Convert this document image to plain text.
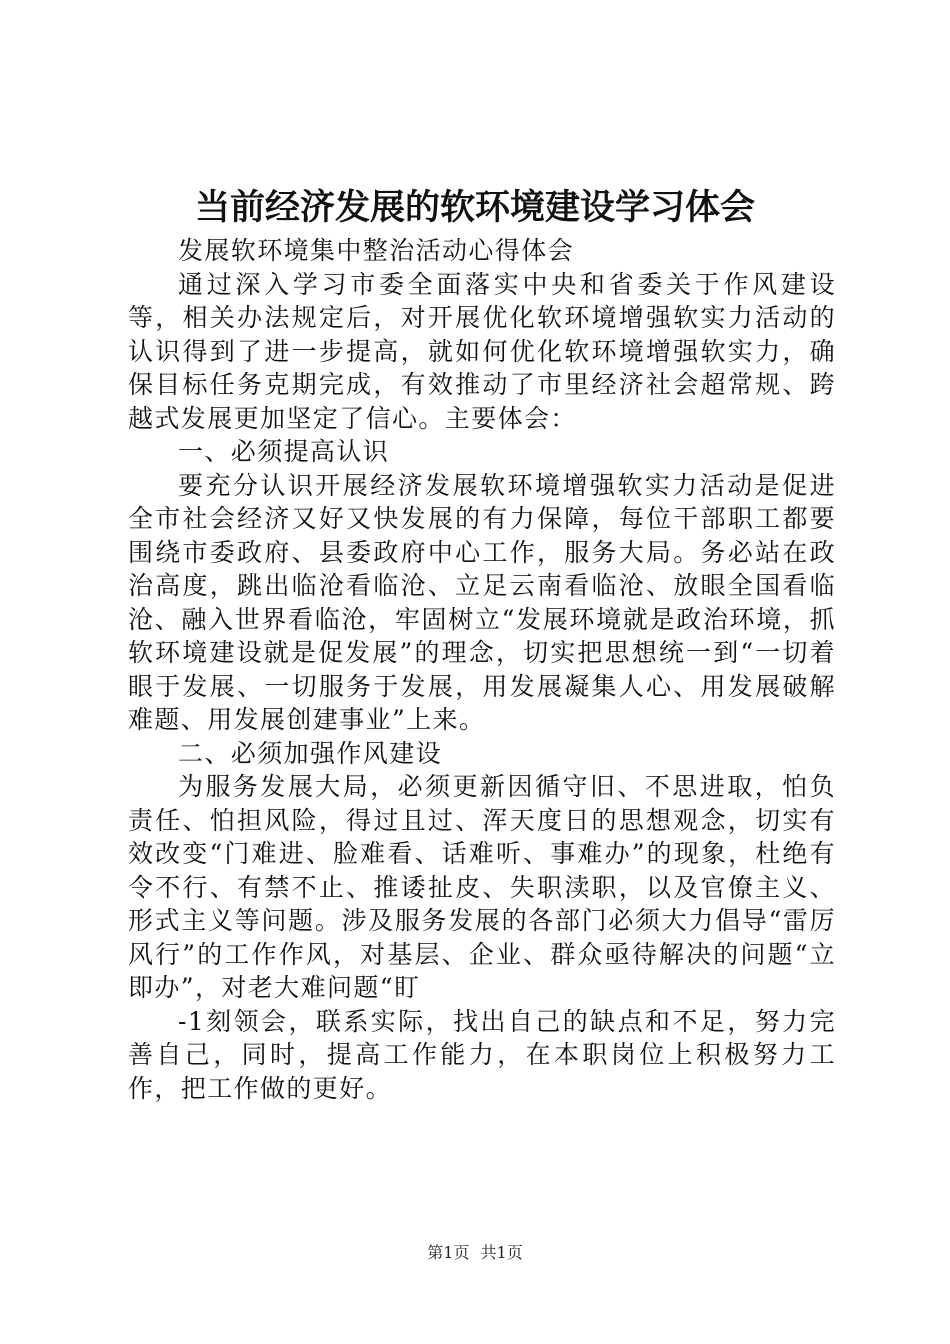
当前经济发展的软环境建设学习体会

发展软环境集中整治活动心得体会

通过深入学习市委全面落实中央和省委关于作风建设等，相关办法规定后，对开展优化软环境增强软实力活动的认识得到了进一步提高，就如何优化软环境增强软实力，确保目标任务克期完成，有效推动了市里经济社会超常规、跨越式发展更加坚定了信心。主要体会：

一、必须提高认识

要充分认识开展经济发展软环境增强软实力活动是促进全市社会经济又好又快发展的有力保障，每位干部职工都要围绕市委政府、县委政府中心工作，服务大局。务必站在政治高度，跳出临沧看临沧、立足云南看临沧、放眼全国看临沧、融入世界看临沧，牢固树立“发展环境就是政治环境，抓软环境建设就是促发展”的理念，切实把思想统一到“一切着眼于发展、一切服务于发展，用发展凝集人心、用发展破解难题、用发展创建事业”上来。

二、必须加强作风建设

为服务发展大局，必须更新因循守旧、不思进取，怕负责任、怕担风险，得过且过、浑天度日的思想观念，切实有效改变“门难进、脸难看、话难听、事难办”的现象，杜绝有令不行、有禁不止、推诿扯皮、失职渎职，以及官僚主义、形式主义等问题。涉及服务发展的各部门必须大力倡导“雷厉风行”的工作作风，对基层、企业、群众亟待解决的问题“立即办”，对老大难问题“盯

-1刻领会，联系实际，找出自己的缺点和不足，努力完善自己，同时，提高工作能力，在本职岗位上积极努力工作，把工作做的更好。

第1页 共1页
